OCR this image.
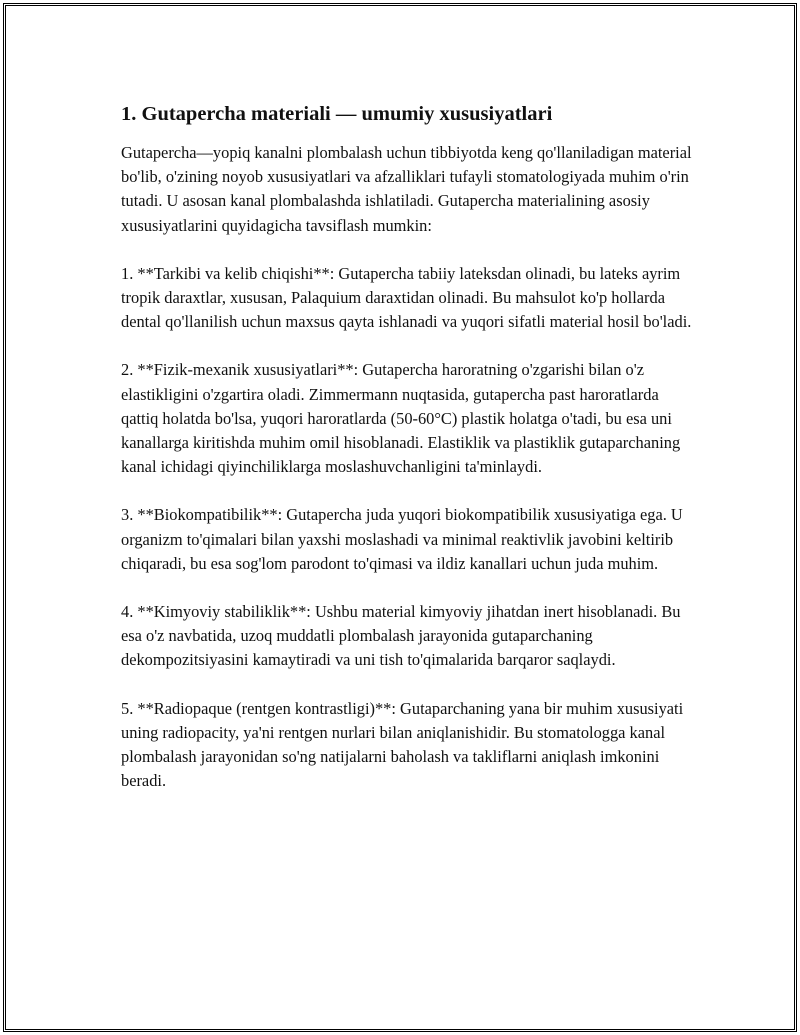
1. Gutapercha materiali — umumiy xususiyatlari

Gutapercha—yopiq kanalni plombalash uchun tibbiyotda keng qo'llaniladigan material bo'lib, o'zining noyob xususiyatlari va afzalliklari tufayli stomatologiyada muhim o'rin tutadi. U asosan kanal plombalashda ishlatiladi. Gutapercha materialining asosiy xususiyatlarini quyidagicha tavsiflash mumkin:

1. **Tarkibi va kelib chiqishi**: Gutapercha tabiiy lateksdan olinadi, bu lateks ayrim tropik daraxtlar, xususan, Palaquium daraxtidan olinadi. Bu mahsulot ko'p hollarda dental qo'llanilish uchun maxsus qayta ishlanadi va yuqori sifatli material hosil bo'ladi.

2. **Fizik-mexanik xususiyatlari**: Gutapercha haroratning o'zgarishi bilan o'z elastikligini o'zgartira oladi. Zimmermann nuqtasida, gutapercha past haroratlarda qattiq holatda bo'lsa, yuqori haroratlarda (50-60°C) plastik holatga o'tadi, bu esa uni kanallarga kiritishda muhim omil hisoblanadi. Elastiklik va plastiklik gutaparchaning kanal ichidagi qiyinchiliklarga moslashuvchanligini ta'minlaydi.

3. **Biokompatibilik**: Gutapercha juda yuqori biokompatibilik xususiyatiga ega. U organizm to'qimalari bilan yaxshi moslashadi va minimal reaktivlik javobini keltirib chiqaradi, bu esa sog'lom parodont to'qimasi va ildiz kanallari uchun juda muhim.

4. **Kimyoviy stabiliklik**: Ushbu material kimyoviy jihatdan inert hisoblanadi. Bu esa o'z navbatida, uzoq muddatli plombalash jarayonida gutaparchaning dekompozitsiyasini kamaytiradi va uni tish to'qimalarida barqaror saqlaydi.

5. **Radiopaque (rentgen kontrastligi)**: Gutaparchaning yana bir muhim xususiyati uning radiopacity, ya'ni rentgen nurlari bilan aniqlanishidir. Bu stomatologga kanal plombalash jarayonidan so'ng natijalarni baholash va takliflarni aniqlash imkonini beradi.
